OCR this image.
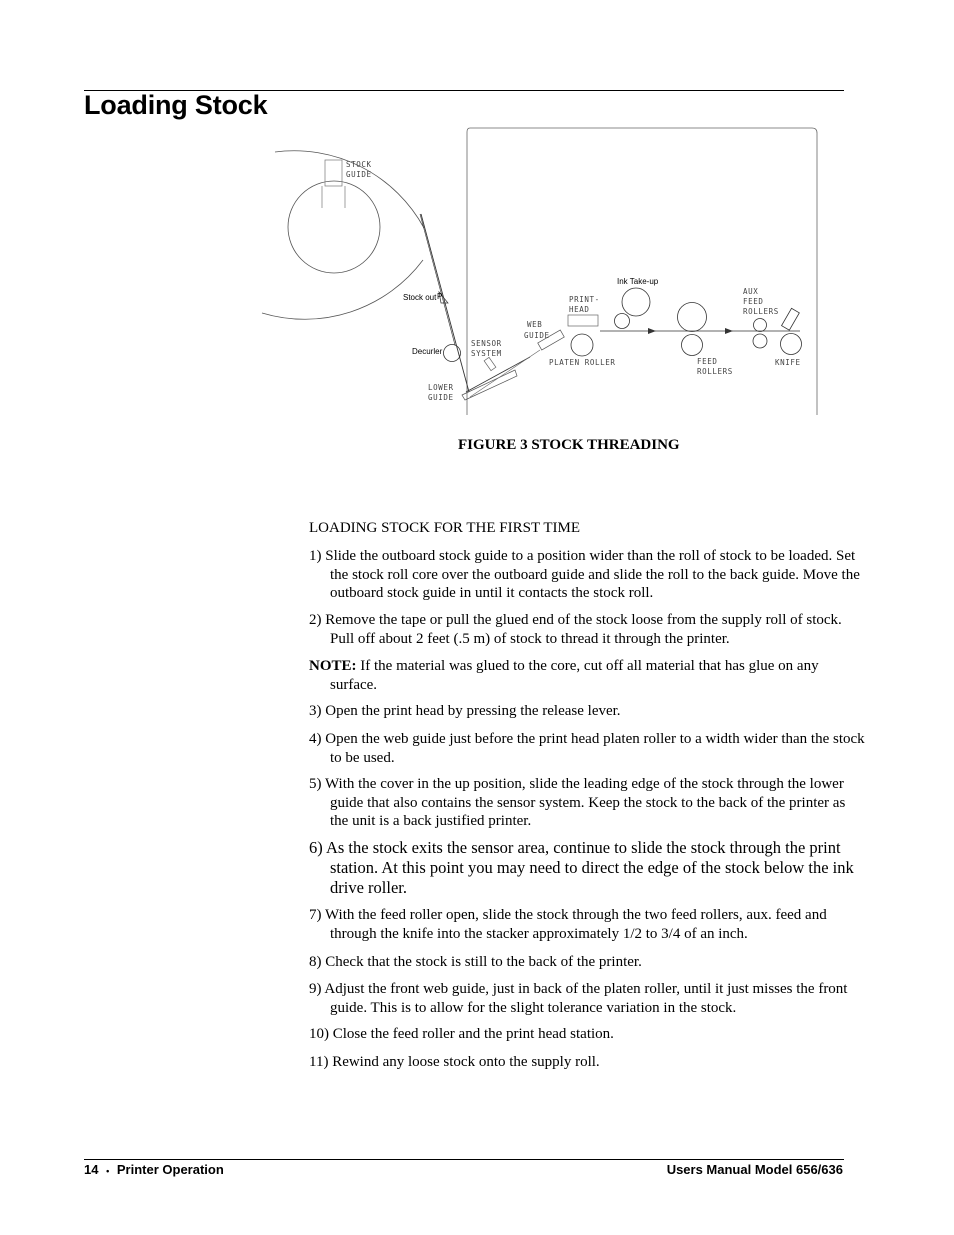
Loading Stock
STOCK
GUIDE
Stock out P
Decurler
LOWER
GUIDE
SENSOR
SYSTEM
WEB
GUIDE
PRINT-
HEAD
Ink Take-up
PLATEN ROLLER	FEED
ROLLERS
AUX
FEED
ROLLERS
KNIFE
FIGURE 3 STOCK THREADING
LOADING STOCK FOR THE FIRST TIME
1) Slide the outboard stock guide to a position wider than the roll of stock to be loaded. Set the stock roll core over the outboard guide and slide the roll to the back guide. Move the outboard stock guide in until it contacts the stock roll.
2) Remove the tape or pull the glued end of the stock loose from the supply roll of stock. Pull off about 2 feet (.5 m) of stock to thread it through the printer.
NOTE: If the material was glued to the core, cut off all material that has glue on any surface.
3) Open the print head by pressing the release lever.
4) Open the web guide just before the print head platen roller to a width wider than the stock to be used.
5) With the cover in the up position, slide the leading edge of the stock through the lower guide that also contains the sensor system. Keep the stock to the back of the printer as the unit is a back justified printer.
6) As the stock exits the sensor area, continue to slide the stock through the print station. At this point you may need to direct the edge of the stock below the ink drive roller.
7) With the feed roller open, slide the stock through the two feed rollers, aux. feed and through the knife into the stacker approximately 1/2 to 3/4 of an inch.
8) Check that the stock is still to the back of the printer.
9) Adjust the front web guide, just in back of the platen roller, until it just misses the front guide. This is to allow for the slight tolerance variation in the stock.
10) Close the feed roller and the print head station.
11) Rewind any loose stock onto the supply roll.
14 • Printer Operation	Users Manual Model 656/636
